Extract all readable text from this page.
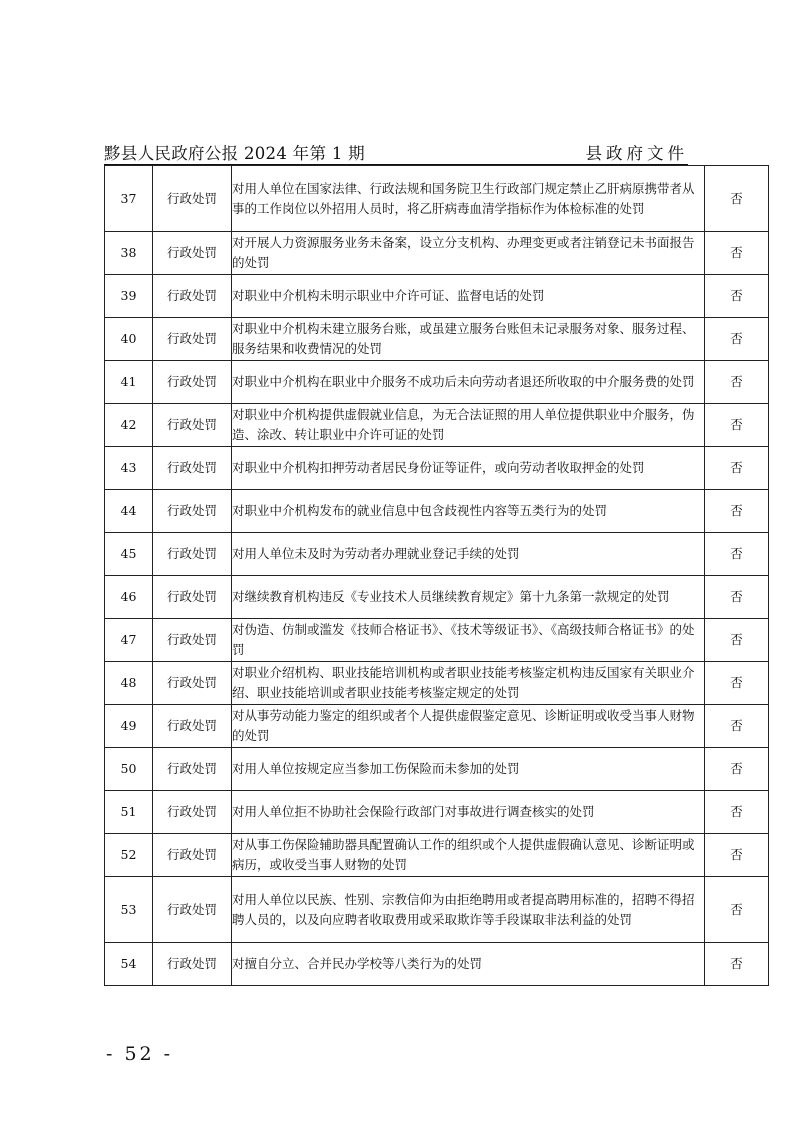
黟县人民政府公报 2024 年第 1 期	县政府文件
37	行政处罚	对用人单位在国家法律、行政法规和国务院卫生行政部门规定禁止乙肝病原携带者从事的工作岗位以外招用人员时，将乙肝病毒血清学指标作为体检标准的处罚	否
38	行政处罚	对开展人力资源服务业务未备案，设立分支机构、办理变更或者注销登记未书面报告的处罚	否
39	行政处罚	对职业中介机构未明示职业中介许可证、监督电话的处罚	否
40	行政处罚	对职业中介机构未建立服务台账，或虽建立服务台账但未记录服务对象、服务过程、服务结果和收费情况的处罚	否
41	行政处罚	对职业中介机构在职业中介服务不成功后未向劳动者退还所收取的中介服务费的处罚	否
42	行政处罚	对职业中介机构提供虚假就业信息，为无合法证照的用人单位提供职业中介服务，伪造、涂改、转让职业中介许可证的处罚	否
43	行政处罚	对职业中介机构扣押劳动者居民身份证等证件，或向劳动者收取押金的处罚	否
44	行政处罚	对职业中介机构发布的就业信息中包含歧视性内容等五类行为的处罚	否
45	行政处罚	对用人单位未及时为劳动者办理就业登记手续的处罚	否
46	行政处罚	对继续教育机构违反《专业技术人员继续教育规定》第十九条第一款规定的处罚	否
47	行政处罚	对伪造、仿制或滥发《技师合格证书》、《技术等级证书》、《高级技师合格证书》的处罚	否
48	行政处罚	对职业介绍机构、职业技能培训机构或者职业技能考核鉴定机构违反国家有关职业介绍、职业技能培训或者职业技能考核鉴定规定的处罚	否
49	行政处罚	对从事劳动能力鉴定的组织或者个人提供虚假鉴定意见、诊断证明或收受当事人财物的处罚	否
50	行政处罚	对用人单位按规定应当参加工伤保险而未参加的处罚	否
51	行政处罚	对用人单位拒不协助社会保险行政部门对事故进行调查核实的处罚	否
52	行政处罚	对从事工伤保险辅助器具配置确认工作的组织或个人提供虚假确认意见、诊断证明或病历，或收受当事人财物的处罚	否
53	行政处罚	对用人单位以民族、性别、宗教信仰为由拒绝聘用或者提高聘用标准的，招聘不得招聘人员的，以及向应聘者收取费用或采取欺诈等手段谋取非法利益的处罚	否
54	行政处罚	对擅自分立、合并民办学校等八类行为的处罚	否
- 52 -
